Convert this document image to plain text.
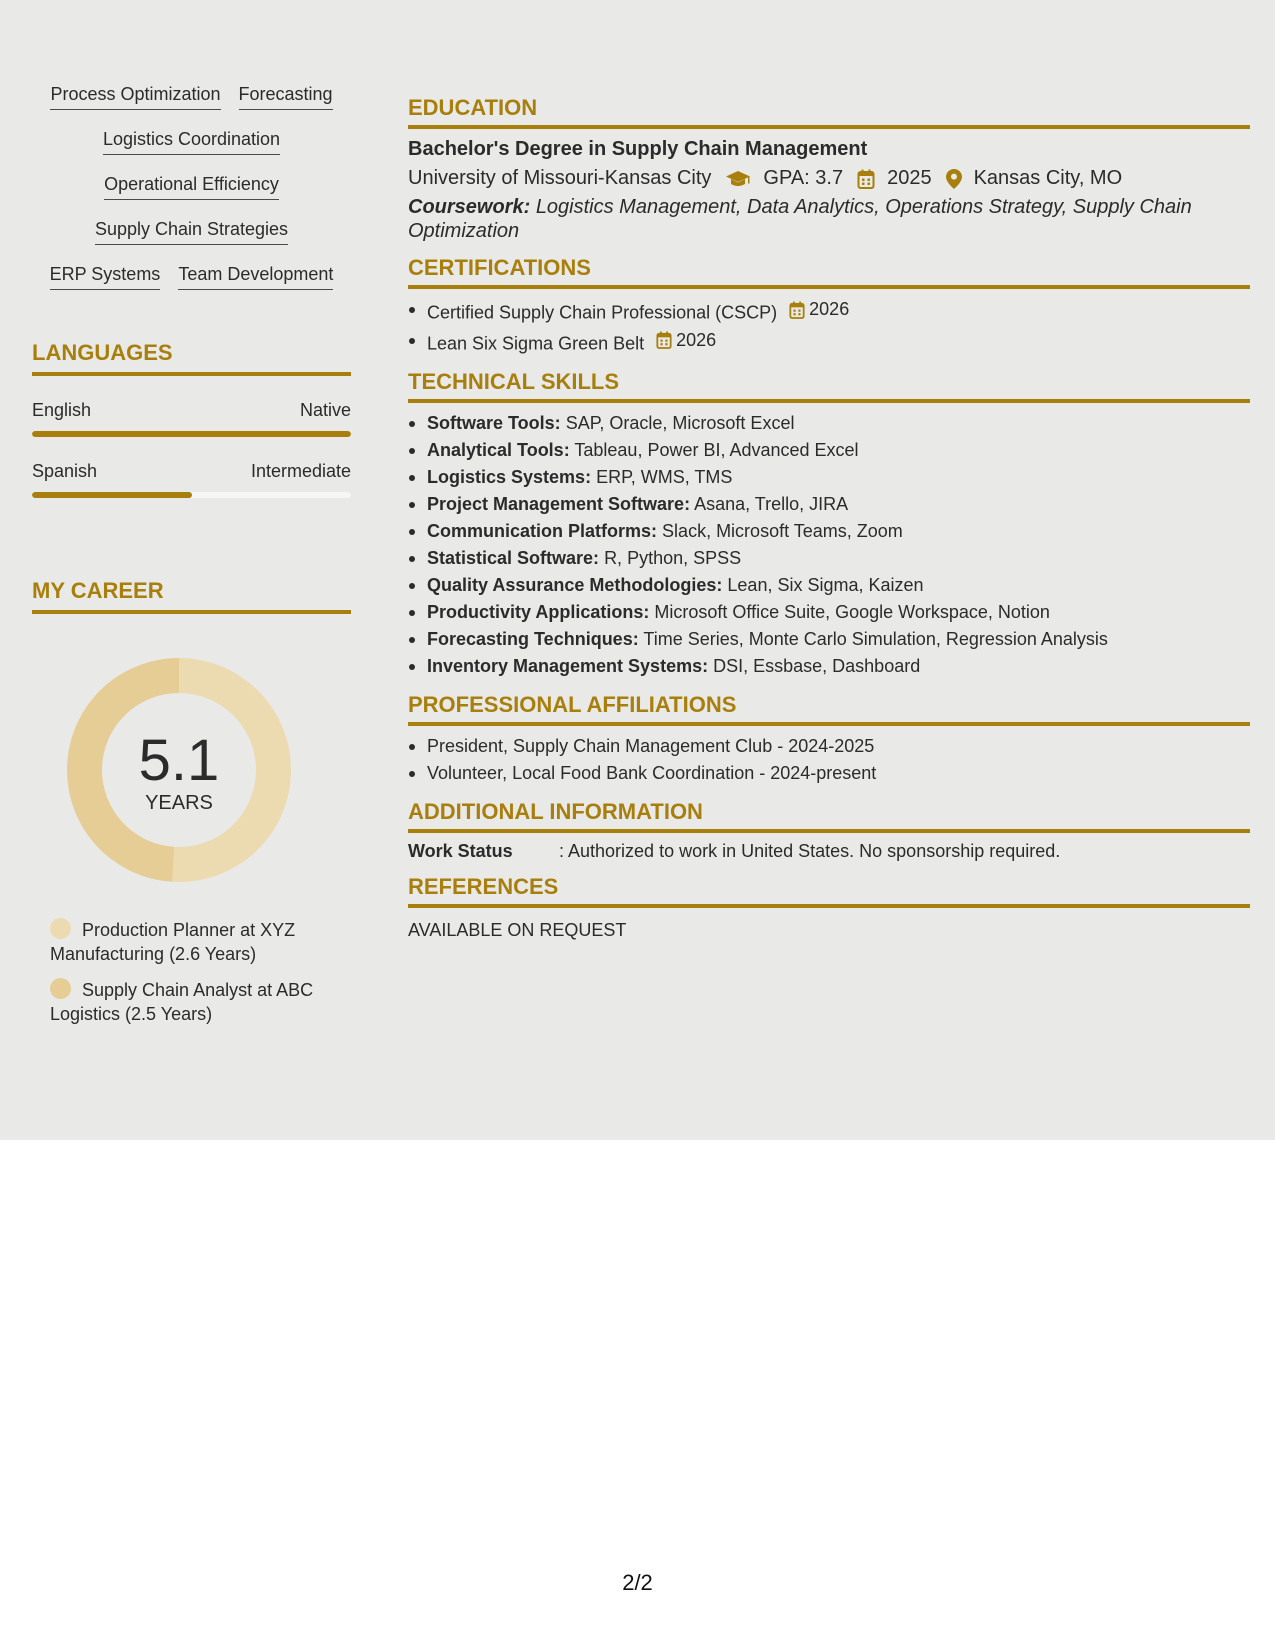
Process Optimization Forecasting
Logistics Coordination
Operational Efficiency
Supply Chain Strategies
ERP Systems Team Development
LANGUAGES
English	Native
Spanish	Intermediate
MY CAREER
5.1
YEARS
Production Planner at XYZ Manufacturing (2.6 Years)
Supply Chain Analyst at ABC Logistics (2.5 Years)
EDUCATION
Bachelor's Degree in Supply Chain Management
University of Missouri-Kansas City	GPA: 3.7 2025 Kansas City, MO
Coursework: Logistics Management, Data Analytics, Operations Strategy, Supply Chain Optimization
CERTIFICATIONS
Certified Supply Chain Professional (CSCP) 2026
Lean Six Sigma Green Belt 2026
TECHNICAL SKILLS
Software Tools: SAP, Oracle, Microsoft Excel
Analytical Tools: Tableau, Power BI, Advanced Excel
Logistics Systems: ERP, WMS, TMS
Project Management Software: Asana, Trello, JIRA
Communication Platforms: Slack, Microsoft Teams, Zoom
Statistical Software: R, Python, SPSS
Quality Assurance Methodologies: Lean, Six Sigma, Kaizen
Productivity Applications: Microsoft Office Suite, Google Workspace, Notion
Forecasting Techniques: Time Series, Monte Carlo Simulation, Regression Analysis
Inventory Management Systems: DSI, Essbase, Dashboard
PROFESSIONAL AFFILIATIONS
President, Supply Chain Management Club - 2024-2025
Volunteer, Local Food Bank Coordination - 2024-present
ADDITIONAL INFORMATION
Work Status	: Authorized to work in United States. No sponsorship required.
REFERENCES
AVAILABLE ON REQUEST
2/2
